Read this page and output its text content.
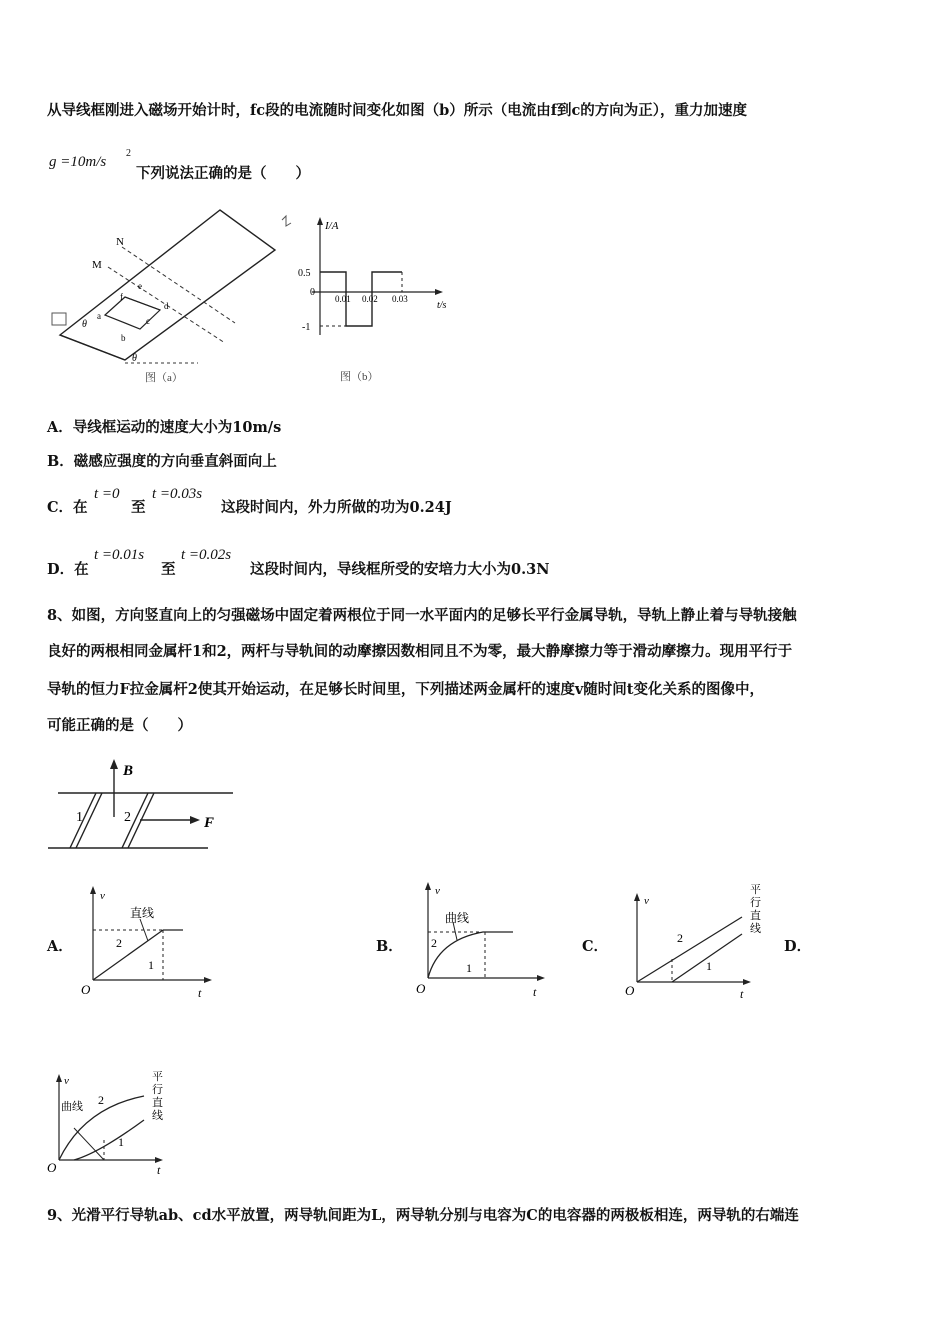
从导线框刚进入磁场开始计时，fc段的电流随时间变化如图（b）所示（电流由f到c的方向为正），重力加速度
g =10m/s
2
下列说法正确的是（　　）
N
M
a
b
c
d
e
f
θ
θ
图（a）
I/A
t/s
0
0.5
-1
0.01 0.02 0.03
图（b）
A．导线框运动的速度大小为10m/s
B．磁感应强度的方向垂直斜面向上
C．在
t =0
至
t =0.03s
这段时间内，外力所做的功为0.24J
D．在
t =0.01s
至
t =0.02s
这段时间内，导线框所受的安培力大小为0.3N
8、如图，方向竖直向上的匀强磁场中固定着两根位于同一水平面内的足够长平行金属导轨，导轨上静止着与导轨接触
良好的两根相同金属杆1和2，两杆与导轨间的动摩擦因数相同且不为零，最大静摩擦力等于滑动摩擦力。现用平行于
导轨的恒力F拉金属杆2使其开始运动，在足够长时间里，下列描述两金属杆的速度v随时间t变化关系的图像中，
可能正确的是（　　）
B
F
1	2
A．
v
t
O
直线
2
1
B．
v
t
O
曲线
2
1
C．
v
t
O
平
行
直
线
2
1
D．
v
t
O
平
行
直
线
曲线 2
1
9、光滑平行导轨ab、cd水平放置，两导轨间距为L，两导轨分别与电容为C的电容器的两极板相连，两导轨的右端连
